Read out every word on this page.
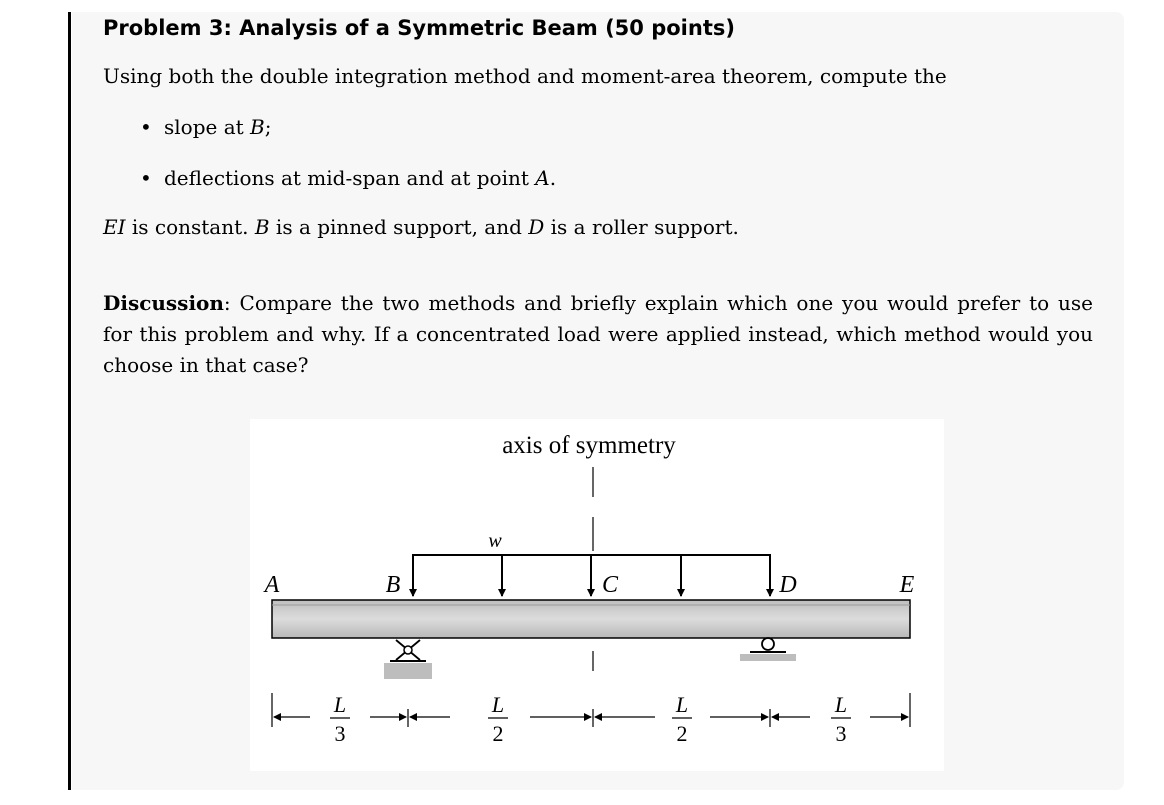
Problem 3: Analysis of a Symmetric Beam (50 points)
Using both the double integration method and moment-area theorem, compute the
• slope at B;
• deflections at mid-span and at point A.
EI is constant. B is a pinned support, and D is a roller support.
Discussion: Compare the two methods and briefly explain which one you would prefer to use for this problem and why. If a concentrated load were applied instead, which method would you choose in that case?
axis of symmetry
w
A	B	C	D	E
L
3
L
2
L
2
L
3
